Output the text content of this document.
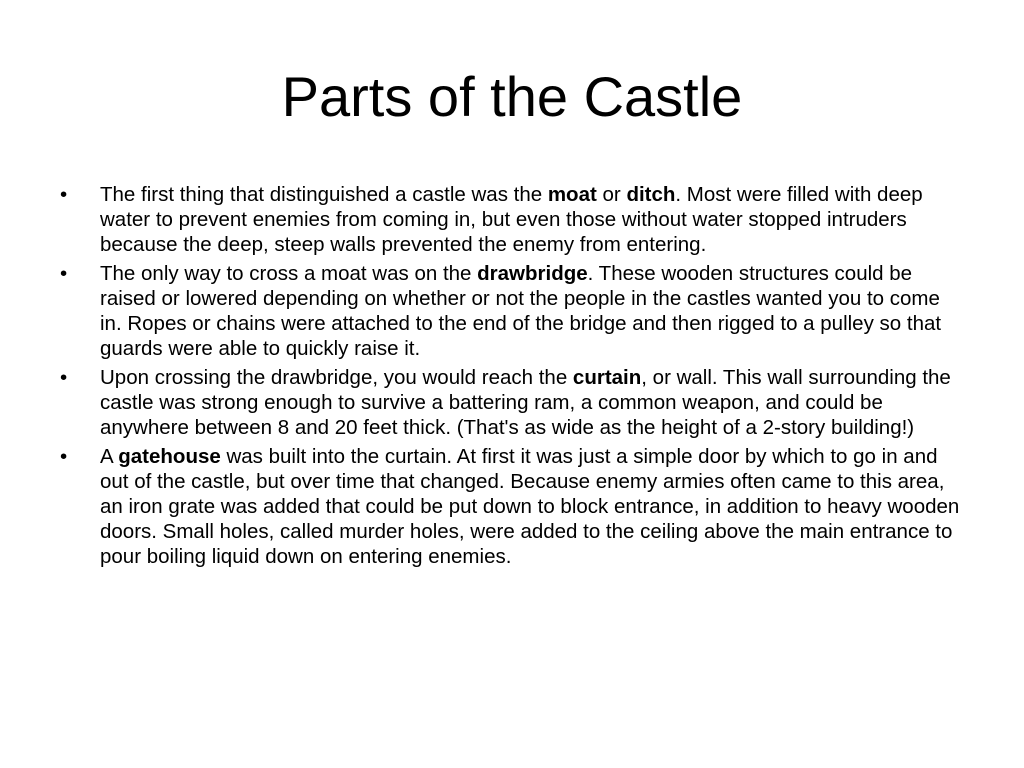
Parts of the Castle
•	The first thing that distinguished a castle was the moat or ditch. Most were filled with deep water to prevent enemies from coming in, but even those without water stopped intruders because the deep, steep walls prevented the enemy from entering.
•	The only way to cross a moat was on the drawbridge. These wooden structures could be raised or lowered depending on whether or not the people in the castles wanted you to come in. Ropes or chains were attached to the end of the bridge and then rigged to a pulley so that guards were able to quickly raise it.
•	Upon crossing the drawbridge, you would reach the curtain, or wall. This wall surrounding the castle was strong enough to survive a battering ram, a common weapon, and could be anywhere between 8 and 20 feet thick. (That's as wide as the height of a 2-story building!)
•	A gatehouse was built into the curtain. At first it was just a simple door by which to go in and out of the castle, but over time that changed. Because enemy armies often came to this area, an iron grate was added that could be put down to block entrance, in addition to heavy wooden doors. Small holes, called murder holes, were added to the ceiling above the main entrance to pour boiling liquid down on entering enemies.
